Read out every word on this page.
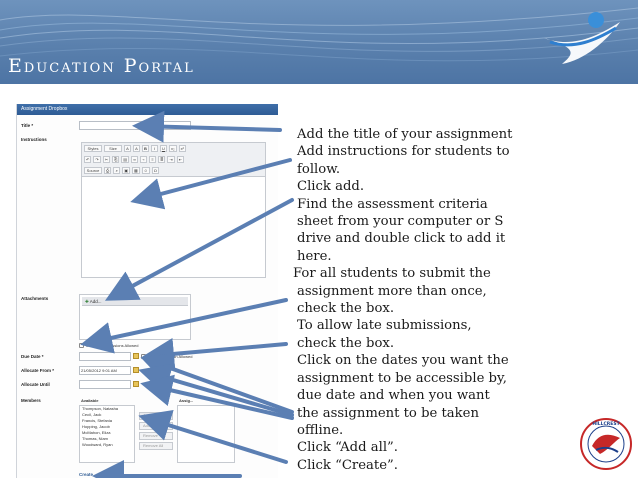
Education Portal
Assignment Dropbox
Title *
Instructions
Styles	Size	A	A	B	I	U	x₂	x²
↶	↷	✂	⎘	▤	∞	⌁	≡	≣	⇥	⇤
Source	⎙	⌕	▣	▦	☺	Ω
Attachments
✚ Add...
Multiple Submissions Allowed
Due Date *	Late Submission Allowed
Allocate From *	21/05/2012 9:01 AM
Allocate Until
Members	Available	Assig...
Thompson, Natasha
Cecil, Jack
Francis, Stefania
Hopping, Jacob
McMahon, Eliza
Thomas, Niam
Woodward, Ryan
Add All
Add
Remove
Remove All
Create
Add the title of your assignment
Add instructions for students to
follow.
Click add.
Find the assessment criteria
sheet from your computer or S
drive and double click to add it
here.
For all students to submit the
assignment more than once,
check the box.
To allow late submissions,
check the box.
Click on the dates you want the
assignment to be accessible by,
due date and when you want
the assignment to be taken
offline.
Click “Add all”.
Click “Create”.
HILLCREST
